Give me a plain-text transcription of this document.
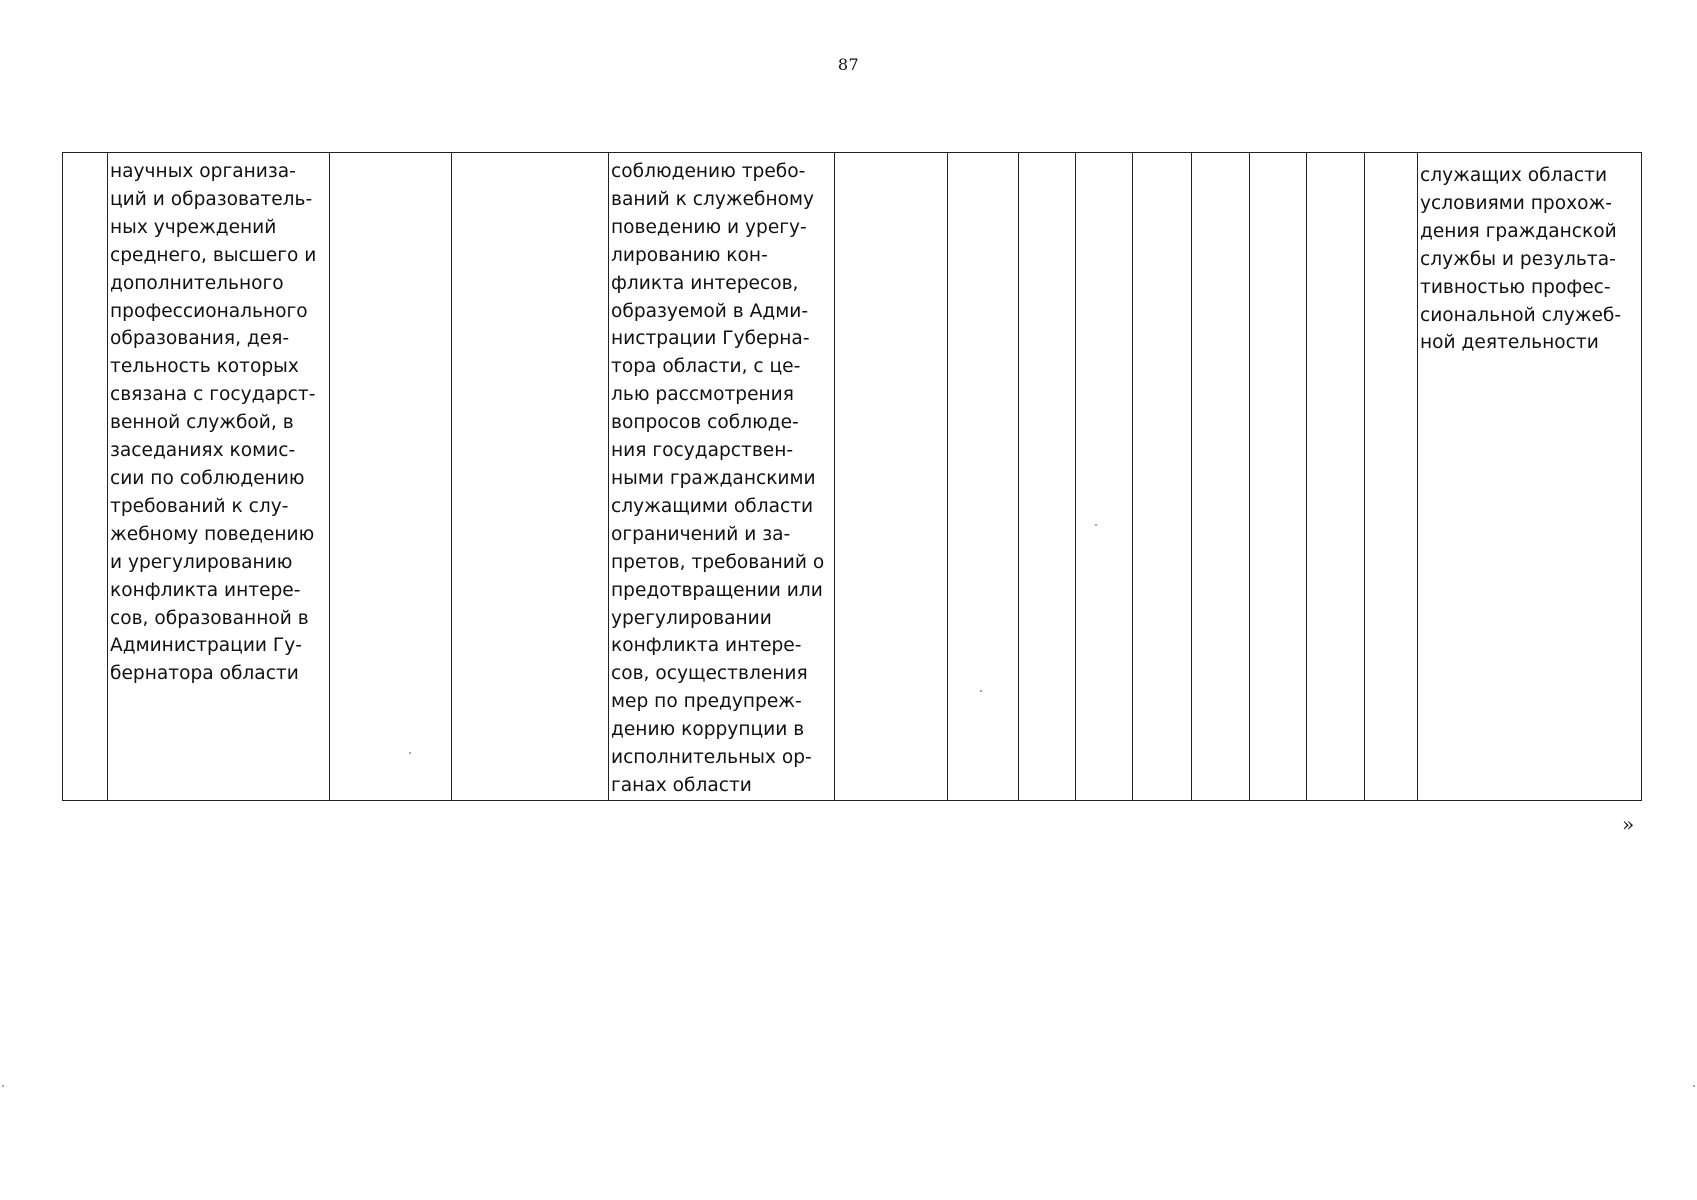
87
научных организа-
ций и образователь-
ных учреждений
среднего, высшего и
дополнительного
профессионального
образования, дея-
тельность которых
связана с государст-
венной службой, в
заседаниях комис-
сии по соблюдению
требований к слу-
жебному поведению
и урегулированию
конфликта интере-
сов, образованной в
Администрации Гу-
бернатора области
соблюдению требо-
ваний к служебному
поведению и урегу-
лированию кон-
фликта интересов,
образуемой в Адми-
нистрации Губерна-
тора области, с це-
лью рассмотрения
вопросов соблюде-
ния государствен-
ными гражданскими
служащими области
ограничений и за-
претов, требований о
предотвращении или
урегулировании
конфликта интере-
сов, осуществления
мер по предупреж-
дению коррупции в
исполнительных ор-
ганах области
служащих области
условиями прохож-
дения гражданской
службы и результа-
тивностью профес-
сиональной служеб-
ной деятельности
»
